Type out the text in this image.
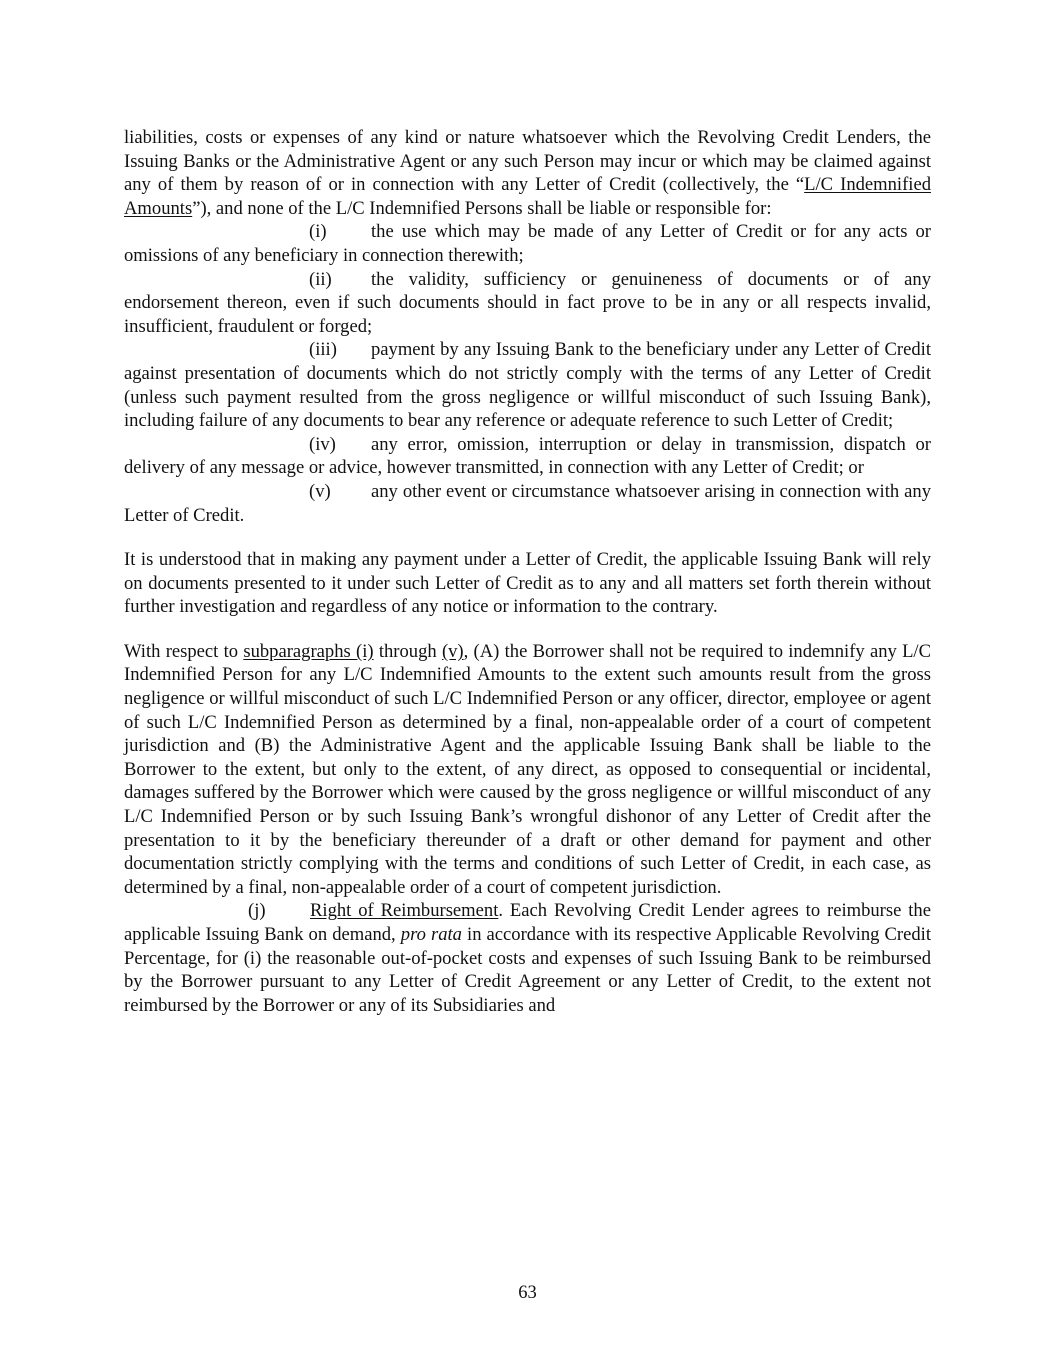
liabilities, costs or expenses of any kind or nature whatsoever which the Revolving Credit Lenders, the Issuing Banks or the Administrative Agent or any such Person may incur or which may be claimed against any of them by reason of or in connection with any Letter of Credit (collectively, the “L/C Indemnified Amounts”), and none of the L/C Indemnified Persons shall be liable or responsible for:

(i) the use which may be made of any Letter of Credit or for any acts or omissions of any beneficiary in connection therewith;

(ii) the validity, sufficiency or genuineness of documents or of any endorsement thereon, even if such documents should in fact prove to be in any or all respects invalid, insufficient, fraudulent or forged;

(iii) payment by any Issuing Bank to the beneficiary under any Letter of Credit against presentation of documents which do not strictly comply with the terms of any Letter of Credit (unless such payment resulted from the gross negligence or willful misconduct of such Issuing Bank), including failure of any documents to bear any reference or adequate reference to such Letter of Credit;

(iv) any error, omission, interruption or delay in transmission, dispatch or delivery of any message or advice, however transmitted, in connection with any Letter of Credit; or

(v) any other event or circumstance whatsoever arising in connection with any Letter of Credit.

It is understood that in making any payment under a Letter of Credit, the applicable Issuing Bank will rely on documents presented to it under such Letter of Credit as to any and all matters set forth therein without further investigation and regardless of any notice or information to the contrary.

With respect to subparagraphs (i) through (v), (A) the Borrower shall not be required to indemnify any L/C Indemnified Person for any L/C Indemnified Amounts to the extent such amounts result from the gross negligence or willful misconduct of such L/C Indemnified Person or any officer, director, employee or agent of such L/C Indemnified Person as determined by a final, non-appealable order of a court of competent jurisdiction and (B) the Administrative Agent and the applicable Issuing Bank shall be liable to the Borrower to the extent, but only to the extent, of any direct, as opposed to consequential or incidental, damages suffered by the Borrower which were caused by the gross negligence or willful misconduct of any L/C Indemnified Person or by such Issuing Bank’s wrongful dishonor of any Letter of Credit after the presentation to it by the beneficiary thereunder of a draft or other demand for payment and other documentation strictly complying with the terms and conditions of such Letter of Credit, in each case, as determined by a final, non-appealable order of a court of competent jurisdiction.

(j) Right of Reimbursement. Each Revolving Credit Lender agrees to reimburse the applicable Issuing Bank on demand, pro rata in accordance with its respective Applicable Revolving Credit Percentage, for (i) the reasonable out-of-pocket costs and expenses of such Issuing Bank to be reimbursed by the Borrower pursuant to any Letter of Credit Agreement or any Letter of Credit, to the extent not reimbursed by the Borrower or any of its Subsidiaries and

63
